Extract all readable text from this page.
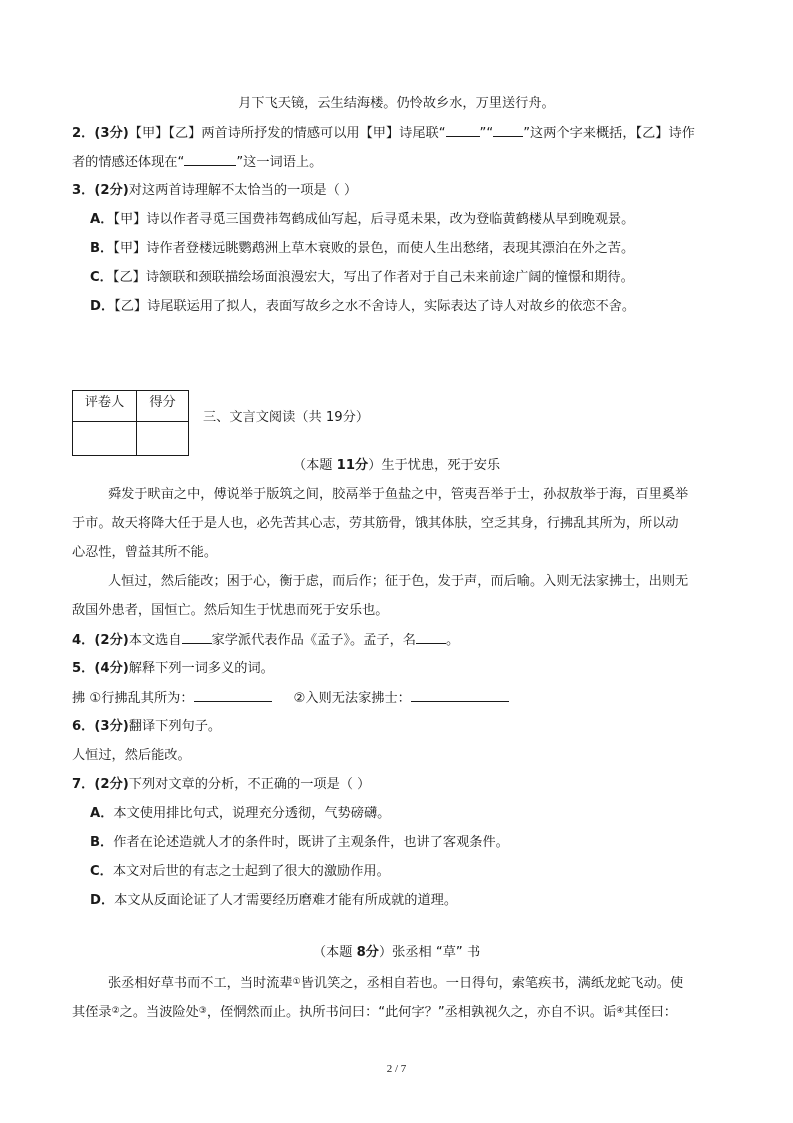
月下飞天镜，云生结海楼。仍怜故乡水，万里送行舟。
2．(3分)【甲】【乙】两首诗所抒发的情感可以用【甲】诗尾联“	”“ ”这两个字来概括，【乙】诗作
者的情感还体现在“	”这一词语上。
3．(2分)对这两首诗理解不太恰当的一项是（ ）
A．【甲】诗以作者寻觅三国费祎驾鹤成仙写起，后寻觅未果，改为登临黄鹤楼从早到晚观景。
B．【甲】诗作者登楼远眺鹦鹉洲上草木衰败的景色，而使人生出愁绪，表现其漂泊在外之苦。
C．【乙】诗颔联和颈联描绘场面浪漫宏大，写出了作者对于自己未来前途广阔的憧憬和期待。
D．【乙】诗尾联运用了拟人，表面写故乡之水不舍诗人，实际表达了诗人对故乡的依恋不舍。
评卷人	得分

三、文言文阅读（共 19分）
（本题 11分）生于忧患，死于安乐
舜发于畎亩之中，傅说举于版筑之间，胶鬲举于鱼盐之中，管夷吾举于士，孙叔敖举于海，百里奚举
于市。故天将降大任于是人也，必先苦其心志，劳其筋骨，饿其体肤，空乏其身，行拂乱其所为，所以动
心忍性，曾益其所不能。
人恒过，然后能改；困于心，衡于虑，而后作；征于色，发于声，而后喻。入则无法家拂士，出则无
敌国外患者，国恒亡。然后知生于忧患而死于安乐也。
4．(2分)本文选自 家学派代表作品《孟子》。孟子，名 。
5．(4分)解释下列一词多义的词。
拂 ①行拂乱其所为：	②入则无法家拂士：
6．(3分)翻译下列句子。
人恒过，然后能改。
7．(2分)下列对文章的分析，不正确的一项是（ ）
A．本文使用排比句式，说理充分透彻，气势磅礴。
B．作者在论述造就人才的条件时，既讲了主观条件，也讲了客观条件。
C．本文对后世的有志之士起到了很大的激励作用。
D．本文从反面论证了人才需要经历磨难才能有所成就的道理。
（本题 8分）张丞相 “草” 书
张丞相好草书而不工，当时流辈①皆讥笑之，丞相自若也。一日得句，索笔疾书，满纸龙蛇飞动。使
其侄录②之。当波险处③，侄惘然而止。执所书问曰：“此何字？”丞相孰视久之，亦自不识。诟④其侄曰：
2 / 7
